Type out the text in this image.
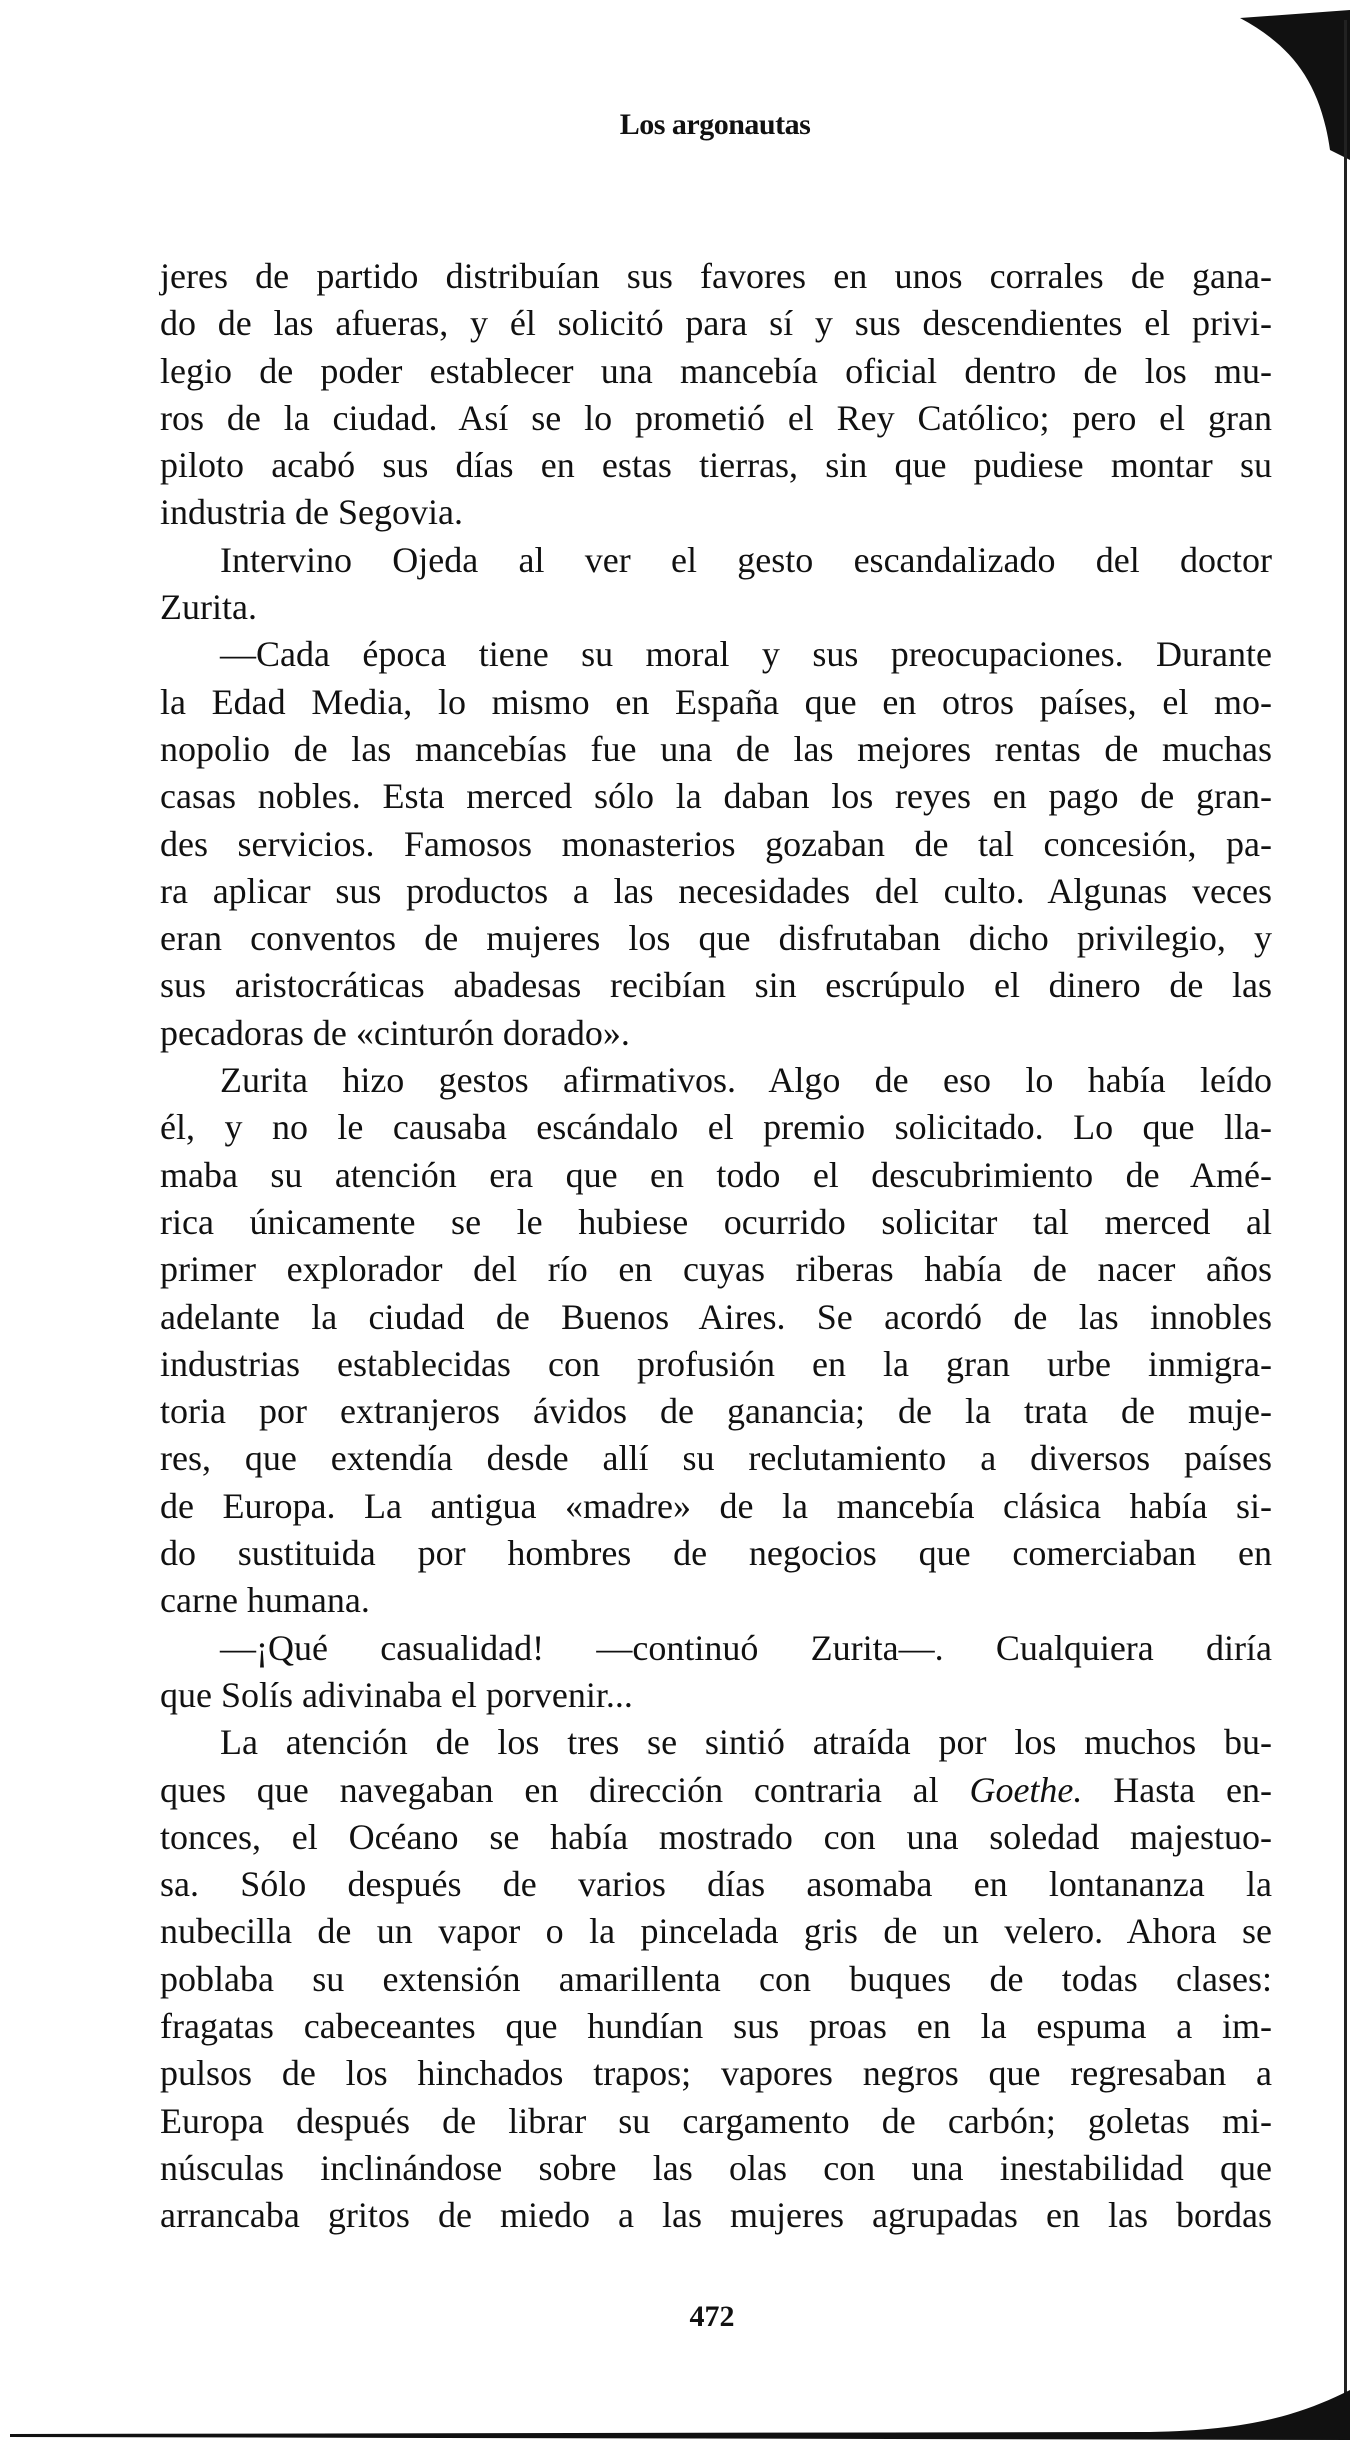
Los argonautas
jeres de partido distribuían sus favores en unos corrales de gana-
do de las afueras, y él solicitó para sí y sus descendientes el privi-
legio de poder establecer una mancebía oficial dentro de los mu-
ros de la ciudad. Así se lo prometió el Rey Católico; pero el gran
piloto acabó sus días en estas tierras, sin que pudiese montar su
industria de Segovia.
Intervino Ojeda al ver el gesto escandalizado del doctor
Zurita.
—Cada época tiene su moral y sus preocupaciones. Durante
la Edad Media, lo mismo en España que en otros países, el mo-
nopolio de las mancebías fue una de las mejores rentas de muchas
casas nobles. Esta merced sólo la daban los reyes en pago de gran-
des servicios. Famosos monasterios gozaban de tal concesión, pa-
ra aplicar sus productos a las necesidades del culto. Algunas veces
eran conventos de mujeres los que disfrutaban dicho privilegio, y
sus aristocráticas abadesas recibían sin escrúpulo el dinero de las
pecadoras de «cinturón dorado».
Zurita hizo gestos afirmativos. Algo de eso lo había leído
él, y no le causaba escándalo el premio solicitado. Lo que lla-
maba su atención era que en todo el descubrimiento de Amé-
rica únicamente se le hubiese ocurrido solicitar tal merced al
primer explorador del río en cuyas riberas había de nacer años
adelante la ciudad de Buenos Aires. Se acordó de las innobles
industrias establecidas con profusión en la gran urbe inmigra-
toria por extranjeros ávidos de ganancia; de la trata de muje-
res, que extendía desde allí su reclutamiento a diversos países
de Europa. La antigua «madre» de la mancebía clásica había si-
do sustituida por hombres de negocios que comerciaban en
carne humana.
—¡Qué casualidad! —continuó Zurita—. Cualquiera diría
que Solís adivinaba el porvenir...
La atención de los tres se sintió atraída por los muchos bu-
ques que navegaban en dirección contraria al Goethe. Hasta en-
tonces, el Océano se había mostrado con una soledad majestuo-
sa. Sólo después de varios días asomaba en lontananza la
nubecilla de un vapor o la pincelada gris de un velero. Ahora se
poblaba su extensión amarillenta con buques de todas clases:
fragatas cabeceantes que hundían sus proas en la espuma a im-
pulsos de los hinchados trapos; vapores negros que regresaban a
Europa después de librar su cargamento de carbón; goletas mi-
núsculas inclinándose sobre las olas con una inestabilidad que
arrancaba gritos de miedo a las mujeres agrupadas en las bordas
472
